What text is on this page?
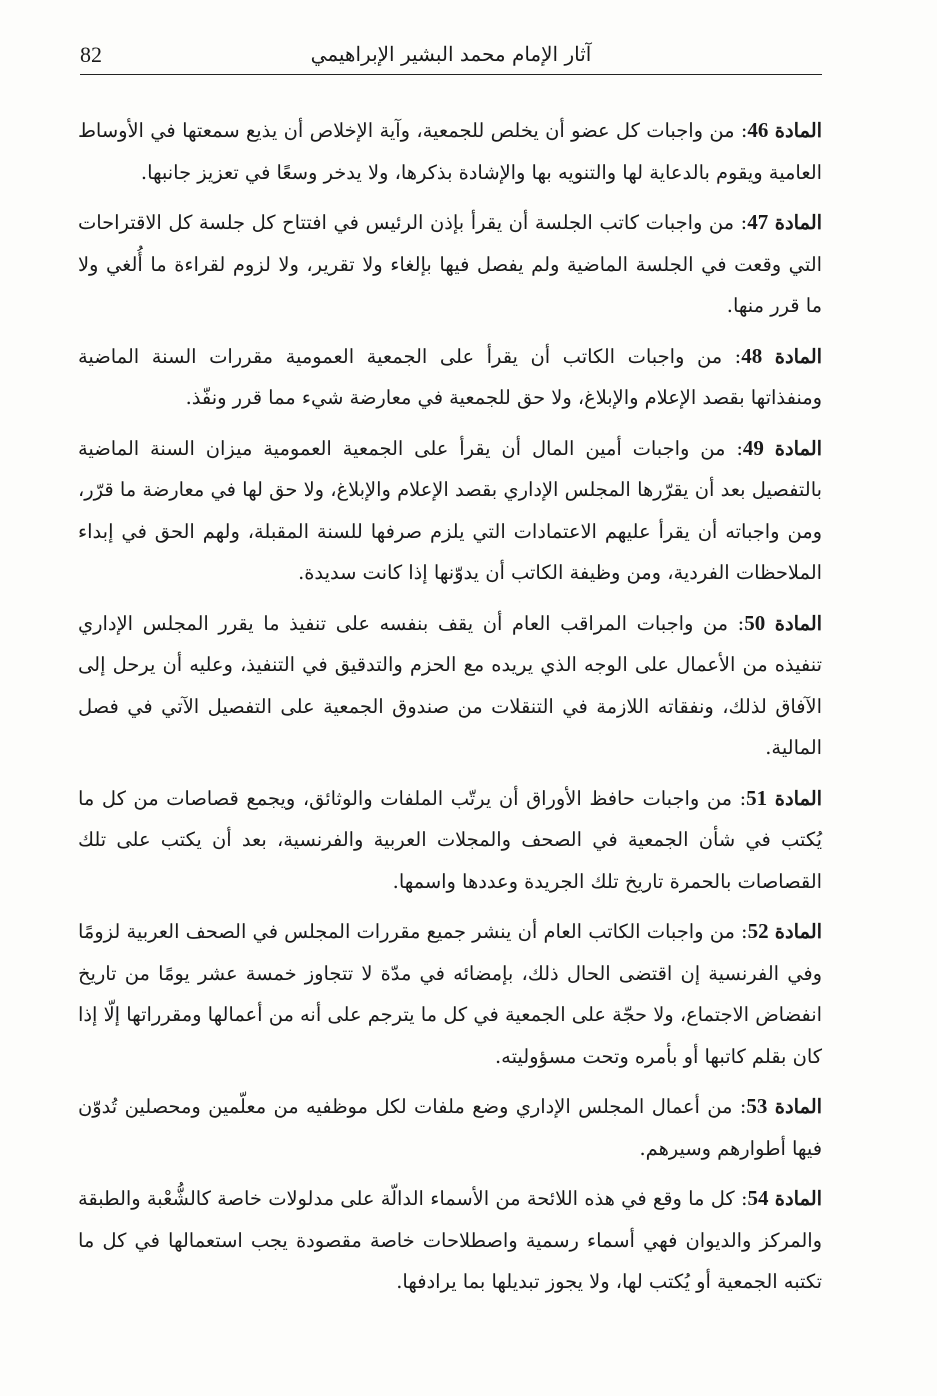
82	آثار الإمام محمد البشير الإبراهيمي

المادة 46: من واجبات كل عضو أن يخلص للجمعية، وآية الإخلاص أن يذيع سمعتها في الأوساط العامية ويقوم بالدعاية لها والتنويه بها والإشادة بذكرها، ولا يدخر وسعًا في تعزيز جانبها.

المادة 47: من واجبات كاتب الجلسة أن يقرأ بإذن الرئيس في افتتاح كل جلسة كل الاقتراحات التي وقعت في الجلسة الماضية ولم يفصل فيها بإلغاء ولا تقرير، ولا لزوم لقراءة ما أُلغي ولا ما قرر منها.

المادة 48: من واجبات الكاتب أن يقرأ على الجمعية العمومية مقررات السنة الماضية ومنفذاتها بقصد الإعلام والإبلاغ، ولا حق للجمعية في معارضة شيء مما قرر ونفّذ.

المادة 49: من واجبات أمين المال أن يقرأ على الجمعية العمومية ميزان السنة الماضية بالتفصيل بعد أن يقرّرها المجلس الإداري بقصد الإعلام والإبلاغ، ولا حق لها في معارضة ما قرّر، ومن واجباته أن يقرأ عليهم الاعتمادات التي يلزم صرفها للسنة المقبلة، ولهم الحق في إبداء الملاحظات الفردية، ومن وظيفة الكاتب أن يدوّنها إذا كانت سديدة.

المادة 50: من واجبات المراقب العام أن يقف بنفسه على تنفيذ ما يقرر المجلس الإداري تنفيذه من الأعمال على الوجه الذي يريده مع الحزم والتدقيق في التنفيذ، وعليه أن يرحل إلى الآفاق لذلك، ونفقاته اللازمة في التنقلات من صندوق الجمعية على التفصيل الآتي في فصل المالية.

المادة 51: من واجبات حافظ الأوراق أن يرتّب الملفات والوثائق، ويجمع قصاصات من كل ما يُكتب في شأن الجمعية في الصحف والمجلات العربية والفرنسية، بعد أن يكتب على تلك القصاصات بالحمرة تاريخ تلك الجريدة وعددها واسمها.

المادة 52: من واجبات الكاتب العام أن ينشر جميع مقررات المجلس في الصحف العربية لزومًا وفي الفرنسية إن اقتضى الحال ذلك، بإمضائه في مدّة لا تتجاوز خمسة عشر يومًا من تاريخ انفضاض الاجتماع، ولا حجّة على الجمعية في كل ما يترجم على أنه من أعمالها ومقرراتها إلّا إذا كان بقلم كاتبها أو بأمره وتحت مسؤوليته.

المادة 53: من أعمال المجلس الإداري وضع ملفات لكل موظفيه من معلّمين ومحصلين تُدوّن فيها أطوارهم وسيرهم.

المادة 54: كل ما وقع في هذه اللائحة من الأسماء الدالّة على مدلولات خاصة كالشُّعْبة والطبقة والمركز والديوان فهي أسماء رسمية واصطلاحات خاصة مقصودة يجب استعمالها في كل ما تكتبه الجمعية أو يُكتب لها، ولا يجوز تبديلها بما يرادفها.
